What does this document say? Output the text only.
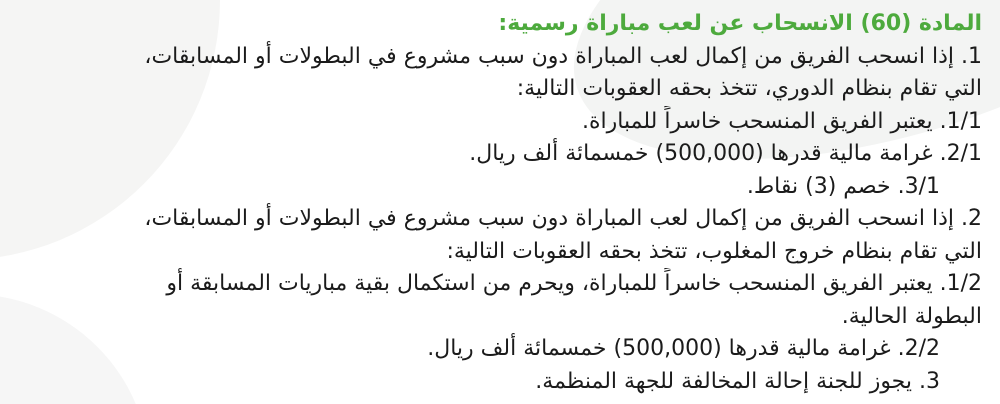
المادة (60) الانسحاب عن لعب مباراة رسمية:
1. إذا انسحب الفريق من إكمال لعب المباراة دون سبب مشروع في البطولات أو المسابقات،
التي تقام بنظام الدوري، تتخذ بحقه العقوبات التالية:
1/1. يعتبر الفريق المنسحب خاسراً للمباراة.
2/1. غرامة مالية قدرها (500,000) خمسمائة ألف ريال.
3/1. خصم (3) نقاط.
2. إذا انسحب الفريق من إكمال لعب المباراة دون سبب مشروع في البطولات أو المسابقات،
التي تقام بنظام خروج المغلوب، تتخذ بحقه العقوبات التالية:
1/2. يعتبر الفريق المنسحب خاسراً للمباراة، ويحرم من استكمال بقية مباريات المسابقة أو
البطولة الحالية.
2/2. غرامة مالية قدرها (500,000) خمسمائة ألف ريال.
3. يجوز للجنة إحالة المخالفة للجهة المنظمة.
